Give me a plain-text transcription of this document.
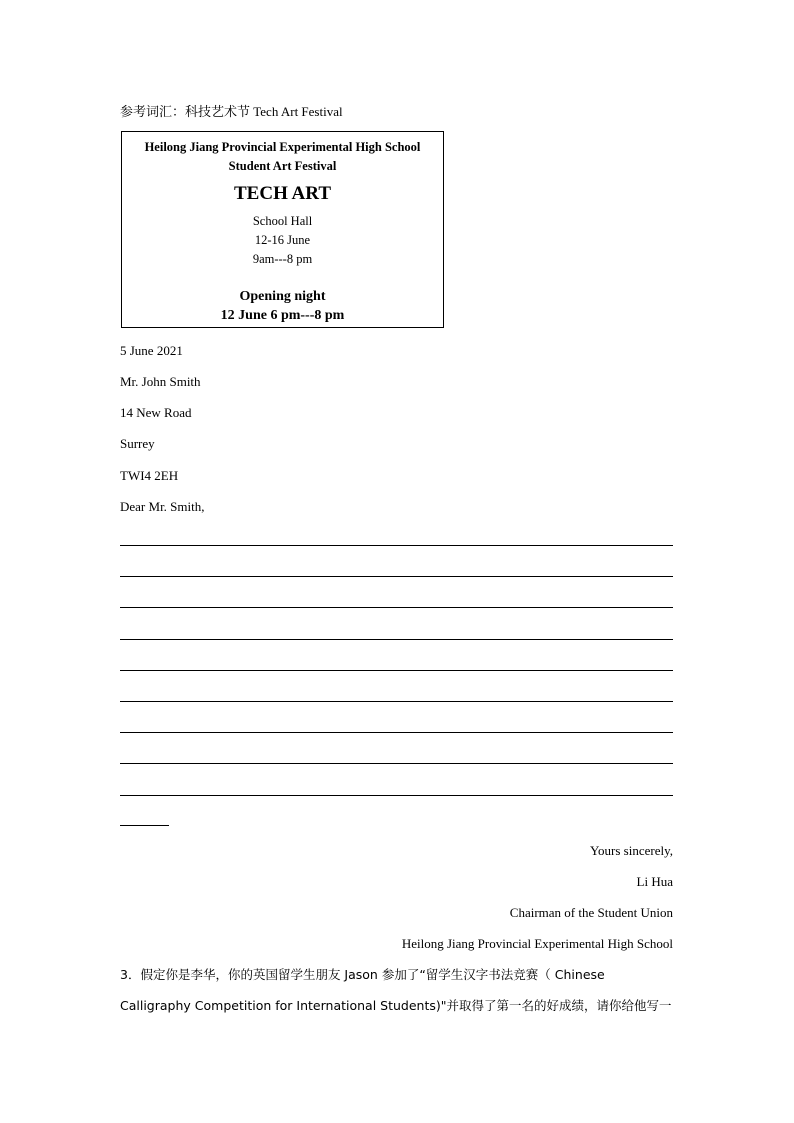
参考词汇：科技艺术节 Tech Art Festival
Heilong Jiang Provincial Experimental High School
Student Art Festival
TECH ART
School Hall
12-16 June
9am---8 pm
Opening night
12 June 6 pm---8 pm
5 June 2021
Mr. John Smith
14 New Road
Surrey
TWI4 2EH
Dear Mr. Smith,
Yours sincerely,
Li Hua
Chairman of the Student Union
Heilong Jiang Provincial Experimental High School
3．假定你是李华，你的英国留学生朋友 Jason 参加了“留学生汉字书法竞赛（ Chinese
Calligraphy Competition for International Students)"并取得了第一名的好成绩，请你给他写一
